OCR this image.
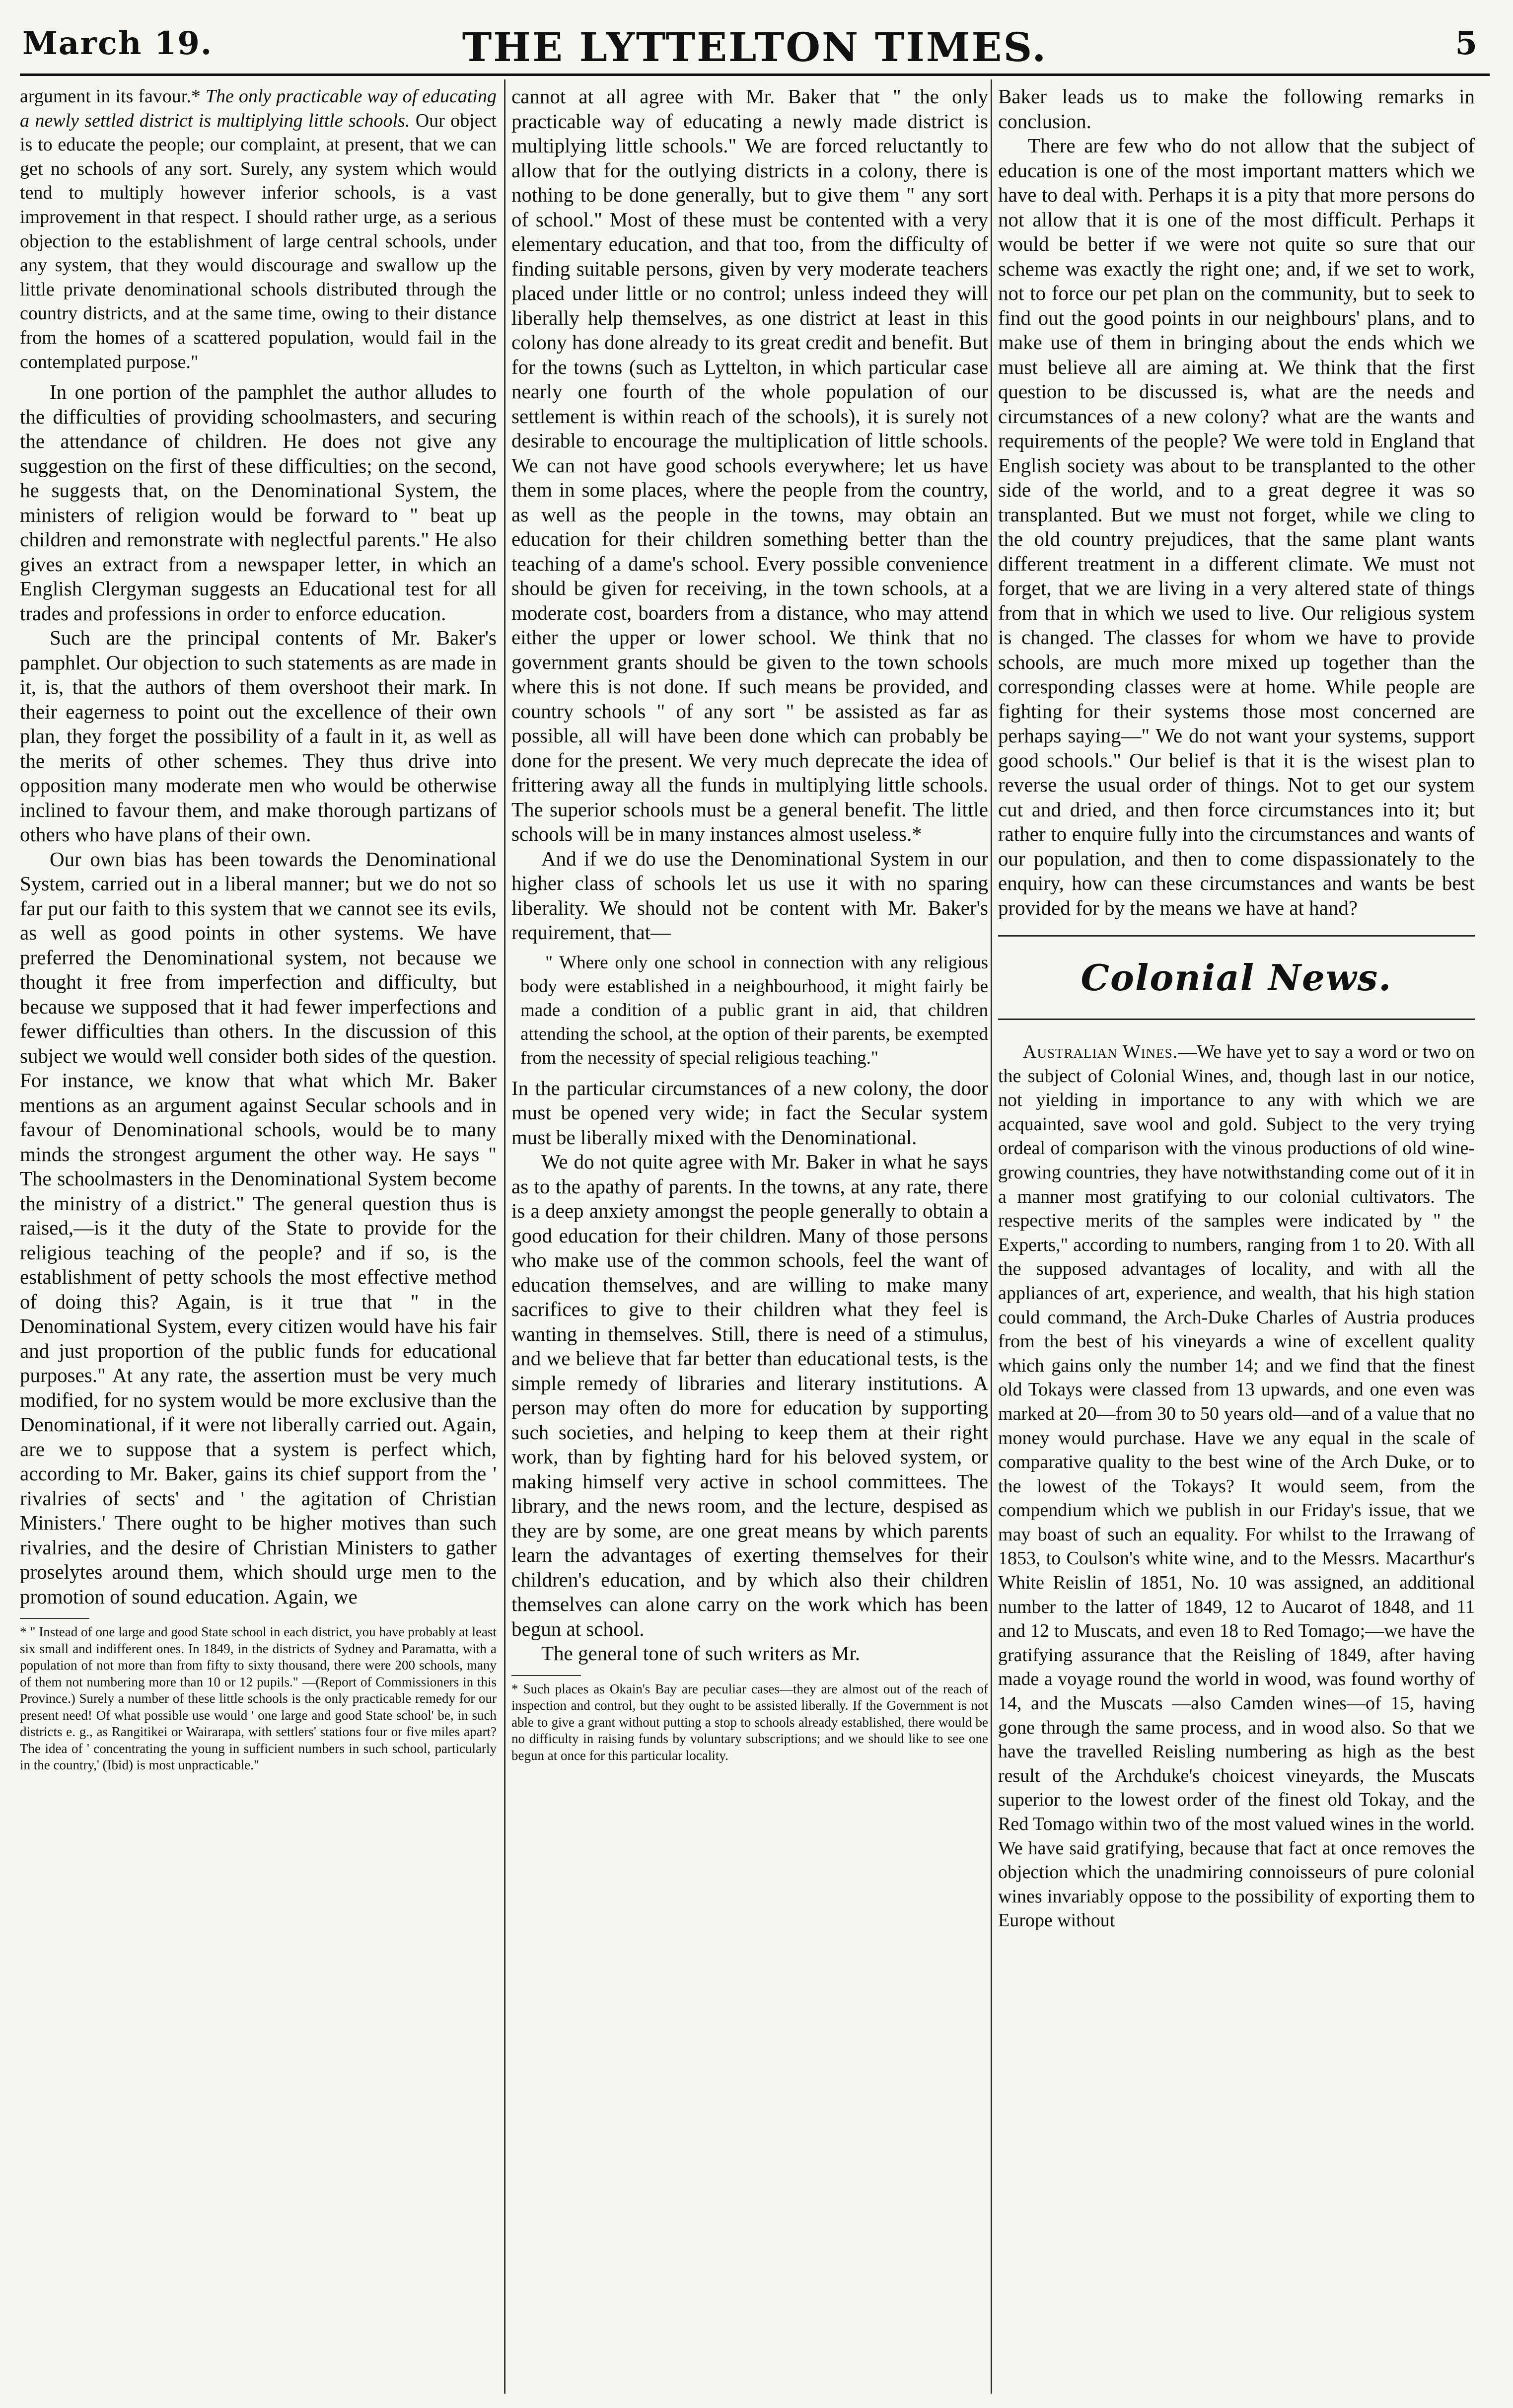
March 19.	THE LYTTELTON TIMES.	5

argument in its favour.* The only practicable way of educating a newly settled district is multiplying little schools. Our object is to educate the people; our complaint, at present, that we can get no schools of any sort. Surely, any system which would tend to multiply however inferior schools, is a vast improvement in that respect. I should rather urge, as a serious objection to the establishment of large central schools, under any system, that they would discourage and swallow up the little private denominational schools distributed through the country districts, and at the same time, owing to their distance from the homes of a scattered population, would fail in the contemplated purpose."

In one portion of the pamphlet the author alludes to the difficulties of providing schoolmasters, and securing the attendance of children. He does not give any suggestion on the first of these difficulties; on the second, he suggests that, on the Denominational System, the ministers of religion would be forward to " beat up children and remonstrate with neglectful parents." He also gives an extract from a newspaper letter, in which an English Clergyman suggests an Educational test for all trades and professions in order to enforce education.

Such are the principal contents of Mr. Baker's pamphlet. Our objection to such statements as are made in it, is, that the authors of them overshoot their mark. In their eagerness to point out the excellence of their own plan, they forget the possibility of a fault in it, as well as the merits of other schemes. They thus drive into opposition many moderate men who would be otherwise inclined to favour them, and make thorough partizans of others who have plans of their own.

Our own bias has been towards the Denominational System, carried out in a liberal manner; but we do not so far put our faith to this system that we cannot see its evils, as well as good points in other systems. We have preferred the Denominational system, not because we thought it free from imperfection and difficulty, but because we supposed that it had fewer imperfections and fewer difficulties than others. In the discussion of this subject we would well consider both sides of the question. For instance, we know that what which Mr. Baker mentions as an argument against Secular schools and in favour of Denominational schools, would be to many minds the strongest argument the other way. He says " The schoolmasters in the Denominational System become the ministry of a district." The general question thus is raised,—is it the duty of the State to provide for the religious teaching of the people? and if so, is the establishment of petty schools the most effective method of doing this? Again, is it true that " in the Denominational System, every citizen would have his fair and just proportion of the public funds for educational purposes." At any rate, the assertion must be very much modified, for no system would be more exclusive than the Denominational, if it were not liberally carried out. Again, are we to suppose that a system is perfect which, according to Mr. Baker, gains its chief support from the ' rivalries of sects' and ' the agitation of Christian Ministers.' There ought to be higher motives than such rivalries, and the desire of Christian Ministers to gather proselytes around them, which should urge men to the promotion of sound education. Again, we

* " Instead of one large and good State school in each district, you have probably at least six small and indifferent ones. In 1849, in the districts of Sydney and Paramatta, with a population of not more than from fifty to sixty thousand, there were 200 schools, many of them not numbering more than 10 or 12 pupils." —(Report of Commissioners in this Province.) Surely a number of these little schools is the only practicable remedy for our present need! Of what possible use would ' one large and good State school' be, in such districts e. g., as Rangitikei or Wairarapa, with settlers' stations four or five miles apart? The idea of ' concentrating the young in sufficient numbers in such school, particularly in the country,' (Ibid) is most unpracticable."

cannot at all agree with Mr. Baker that " the only practicable way of educating a newly made district is multiplying little schools." We are forced reluctantly to allow that for the outlying districts in a colony, there is nothing to be done generally, but to give them " any sort of school." Most of these must be contented with a very elementary education, and that too, from the difficulty of finding suitable persons, given by very moderate teachers placed under little or no control; unless indeed they will liberally help themselves, as one district at least in this colony has done already to its great credit and benefit. But for the towns (such as Lyttelton, in which particular case nearly one fourth of the whole population of our settlement is within reach of the schools), it is surely not desirable to encourage the multiplication of little schools. We can not have good schools everywhere; let us have them in some places, where the people from the country, as well as the people in the towns, may obtain an education for their children something better than the teaching of a dame's school. Every possible convenience should be given for receiving, in the town schools, at a moderate cost, boarders from a distance, who may attend either the upper or lower school. We think that no government grants should be given to the town schools where this is not done. If such means be provided, and country schools " of any sort " be assisted as far as possible, all will have been done which can probably be done for the present. We very much deprecate the idea of frittering away all the funds in multiplying little schools. The superior schools must be a general benefit. The little schools will be in many instances almost useless.*

And if we do use the Denominational System in our higher class of schools let us use it with no sparing liberality. We should not be content with Mr. Baker's requirement, that—

" Where only one school in connection with any religious body were established in a neighbourhood, it might fairly be made a condition of a public grant in aid, that children attending the school, at the option of their parents, be exempted from the necessity of special religious teaching."

In the particular circumstances of a new colony, the door must be opened very wide; in fact the Secular system must be liberally mixed with the Denominational.

We do not quite agree with Mr. Baker in what he says as to the apathy of parents. In the towns, at any rate, there is a deep anxiety amongst the people generally to obtain a good education for their children. Many of those persons who make use of the common schools, feel the want of education themselves, and are willing to make many sacrifices to give to their children what they feel is wanting in themselves. Still, there is need of a stimulus, and we believe that far better than educational tests, is the simple remedy of libraries and literary institutions. A person may often do more for education by supporting such societies, and helping to keep them at their right work, than by fighting hard for his beloved system, or making himself very active in school committees. The library, and the news room, and the lecture, despised as they are by some, are one great means by which parents learn the advantages of exerting themselves for their children's education, and by which also their children themselves can alone carry on the work which has been begun at school.

The general tone of such writers as Mr.

* Such places as Okain's Bay are peculiar cases—they are almost out of the reach of inspection and control, but they ought to be assisted liberally. If the Government is not able to give a grant without putting a stop to schools already established, there would be no difficulty in raising funds by voluntary subscriptions; and we should like to see one begun at once for this particular locality.

Baker leads us to make the following remarks in conclusion.

There are few who do not allow that the subject of education is one of the most important matters which we have to deal with. Perhaps it is a pity that more persons do not allow that it is one of the most difficult. Perhaps it would be better if we were not quite so sure that our scheme was exactly the right one; and, if we set to work, not to force our pet plan on the community, but to seek to find out the good points in our neighbours' plans, and to make use of them in bringing about the ends which we must believe all are aiming at. We think that the first question to be discussed is, what are the needs and circumstances of a new colony? what are the wants and requirements of the people? We were told in England that English society was about to be transplanted to the other side of the world, and to a great degree it was so transplanted. But we must not forget, while we cling to the old country prejudices, that the same plant wants different treatment in a different climate. We must not forget, that we are living in a very altered state of things from that in which we used to live. Our religious system is changed. The classes for whom we have to provide schools, are much more mixed up together than the corresponding classes were at home. While people are fighting for their systems those most concerned are perhaps saying—" We do not want your systems, support good schools." Our belief is that it is the wisest plan to reverse the usual order of things. Not to get our system cut and dried, and then force circumstances into it; but rather to enquire fully into the circumstances and wants of our population, and then to come dispassionately to the enquiry, how can these circumstances and wants be best provided for by the means we have at hand?

Colonial News.

Australian Wines.—We have yet to say a word or two on the subject of Colonial Wines, and, though last in our notice, not yielding in importance to any with which we are acquainted, save wool and gold. Subject to the very trying ordeal of comparison with the vinous productions of old wine-growing countries, they have notwithstanding come out of it in a manner most gratifying to our colonial cultivators. The respective merits of the samples were indicated by " the Experts," according to numbers, ranging from 1 to 20. With all the supposed advantages of locality, and with all the appliances of art, experience, and wealth, that his high station could command, the Arch-Duke Charles of Austria produces from the best of his vineyards a wine of excellent quality which gains only the number 14; and we find that the finest old Tokays were classed from 13 upwards, and one even was marked at 20—from 30 to 50 years old—and of a value that no money would purchase. Have we any equal in the scale of comparative quality to the best wine of the Arch Duke, or to the lowest of the Tokays? It would seem, from the compendium which we publish in our Friday's issue, that we may boast of such an equality. For whilst to the Irrawang of 1853, to Coulson's white wine, and to the Messrs. Macarthur's White Reislin of 1851, No. 10 was assigned, an additional number to the latter of 1849, 12 to Aucarot of 1848, and 11 and 12 to Muscats, and even 18 to Red Tomago;—we have the gratifying assurance that the Reisling of 1849, after having made a voyage round the world in wood, was found worthy of 14, and the Muscats —also Camden wines—of 15, having gone through the same process, and in wood also. So that we have the travelled Reisling numbering as high as the best result of the Archduke's choicest vineyards, the Muscats superior to the lowest order of the finest old Tokay, and the Red Tomago within two of the most valued wines in the world. We have said gratifying, because that fact at once removes the objection which the unadmiring connoisseurs of pure colonial wines invariably oppose to the possibility of exporting them to Europe without
